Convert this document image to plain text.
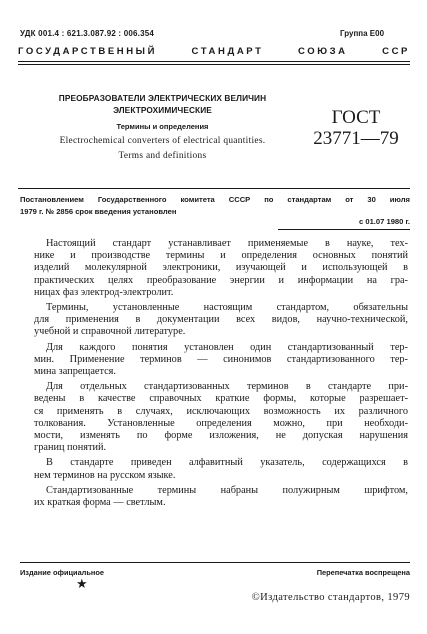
УДК 001.4 : 621.3.087.92 : 006.354	Группа Е00
ГОСУДАРСТВЕННЫЙ СТАНДАРТ СОЮЗА ССР
ПРЕОБРАЗОВАТЕЛИ ЭЛЕКТРИЧЕСКИХ ВЕЛИЧИН
ЭЛЕКТРОХИМИЧЕСКИЕ
Термины и определения
Electrochemical converters of electrical quantities.
Terms and definitions
ГОСТ
23771—79
Постановлением Государственного комитета СССР по стандартам от 30 июля
1979 г. № 2856 срок введения установлен
с 01.07 1980 г.

Настоящий стандарт устанавливает применяемые в науке, тех-
нике и производстве термины и определения основных понятий
изделий молекулярной электроники, изучающей и использующей в
практических целях преобразование энергии и информации на гра-
ницах фаз электрод-электролит.

Термины, установленные настоящим стандартом, обязательны
для применения в документации всех видов, научно-технической,
учебной и справочной литературе.

Для каждого понятия установлен один стандартизованный тер-
мин. Применение терминов — синонимов стандартизованного тер-
мина запрещается.

Для отдельных стандартизованных терминов в стандарте при-
ведены в качестве справочных краткие формы, которые разрешает-
ся применять в случаях, исключающих возможность их различного
толкования. Установленные определения можно, при необходи-
мости, изменять по форме изложения, не допуская нарушения
границ понятий.

В стандарте приведен алфавитный указатель, содержащихся в
нем терминов на русском языке.

Стандартизованные термины набраны полужирным шрифтом,
их краткая форма — светлым.

Издание официальное	Перепечатка воспрещена
★
©Издательство стандартов, 1979
